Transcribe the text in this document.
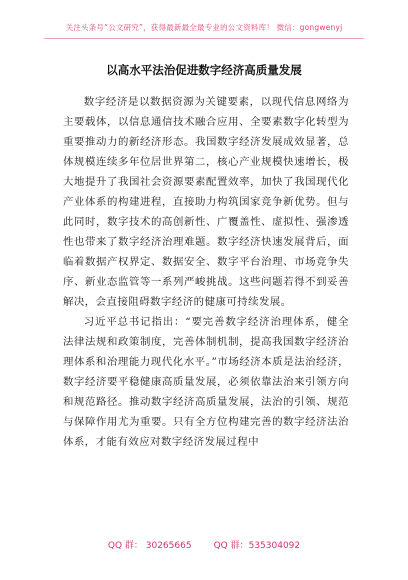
关注头条号“公文研究”，获得最新最全最专业的公文资料库！ 微信：gongwenyj
以高水平法治促进数字经济高质量发展

数字经济是以数据资源为关键要素，以现代信息网络为主要载体，以信息通信技术融合应用、全要素数字化转型为重要推动力的新经济形态。我国数字经济发展成效显著，总体规模连续多年位居世界第二，核心产业规模快速增长，极大地提升了我国社会资源要素配置效率，加快了我国现代化产业体系的构建进程，直接助力构筑国家竞争新优势。但与此同时，数字技术的高创新性、广覆盖性、虚拟性、强渗透性也带来了数字经济治理难题。数字经济快速发展背后，面临着数据产权界定、数据安全、数字平台治理、市场竞争失序、新业态监管等一系列严峻挑战。这些问题若得不到妥善解决，会直接阻碍数字经济的健康可持续发展。

习近平总书记指出：“要完善数字经济治理体系，健全法律法规和政策制度，完善体制机制，提高我国数字经济治理体系和治理能力现代化水平。”市场经济本质是法治经济，数字经济要平稳健康高质量发展，必须依靠法治来引领方向和规范路径。推动数字经济高质量发展，法治的引领、规范与保障作用尤为重要。只有全方位构建完善的数字经济法治体系，才能有效应对数字经济发展过程中

QQ 群： 30265665 QQ 群：535304092
